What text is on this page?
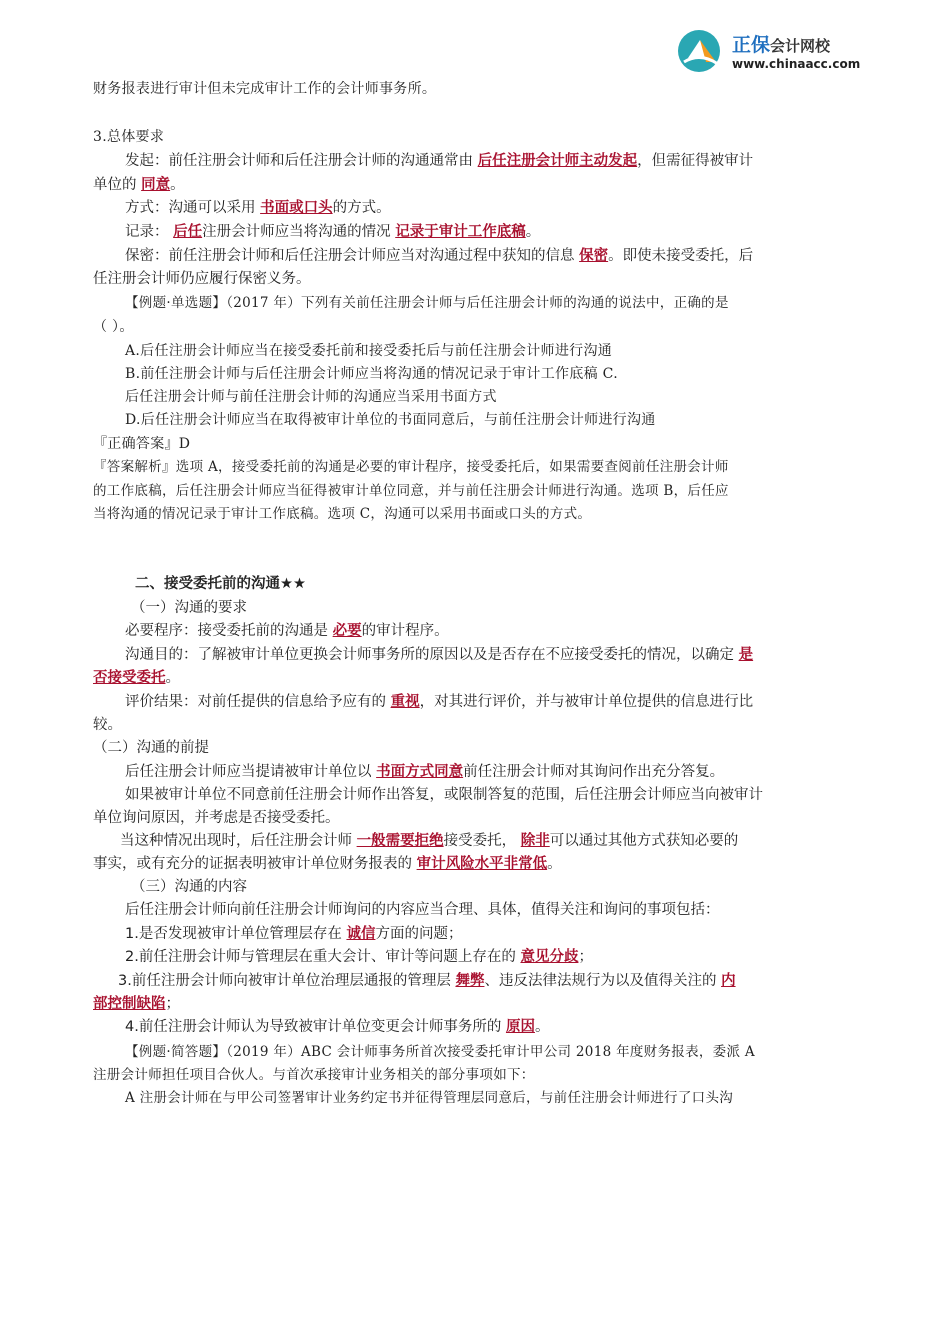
正保会计网校
www.chinaacc.com
财务报表进行审计但未完成审计工作的会计师事务所。
3.总体要求
发起：前任注册会计师和后任注册会计师的沟通通常由 后任注册会计师主动发起，但需征得被审计
单位的 同意。
方式：沟通可以采用 书面或口头的方式。
记录： 后任注册会计师应当将沟通的情况 记录于审计工作底稿。
保密：前任注册会计师和后任注册会计师应当对沟通过程中获知的信息 保密。即使未接受委托，后
任注册会计师仍应履行保密义务。
【例题·单选题】（2017 年）下列有关前任注册会计师与后任注册会计师的沟通的说法中，正确的是
（ ）。
A.后任注册会计师应当在接受委托前和接受委托后与前任注册会计师进行沟通
B.前任注册会计师与后任注册会计师应当将沟通的情况记录于审计工作底稿 C.
后任注册会计师与前任注册会计师的沟通应当采用书面方式
D.后任注册会计师应当在取得被审计单位的书面同意后，与前任注册会计师进行沟通
『正确答案』D
『答案解析』选项 A，接受委托前的沟通是必要的审计程序，接受委托后，如果需要查阅前任注册会计师
的工作底稿，后任注册会计师应当征得被审计单位同意，并与前任注册会计师进行沟通。选项 B，后任应
当将沟通的情况记录于审计工作底稿。选项 C，沟通可以采用书面或口头的方式。
二、接受委托前的沟通★★
（一）沟通的要求
必要程序：接受委托前的沟通是 必要的审计程序。
沟通目的：了解被审计单位更换会计师事务所的原因以及是否存在不应接受委托的情况，以确定 是
否接受委托。
评价结果：对前任提供的信息给予应有的 重视，对其进行评价，并与被审计单位提供的信息进行比
较。
（二）沟通的前提
后任注册会计师应当提请被审计单位以 书面方式同意前任注册会计师对其询问作出充分答复。
如果被审计单位不同意前任注册会计师作出答复，或限制答复的范围，后任注册会计师应当向被审计
单位询问原因，并考虑是否接受委托。
当这种情况出现时，后任注册会计师 一般需要拒绝接受委托， 除非可以通过其他方式获知必要的
事实，或有充分的证据表明被审计单位财务报表的 审计风险水平非常低。
（三）沟通的内容
后任注册会计师向前任注册会计师询问的内容应当合理、具体，值得关注和询问的事项包括：
1.是否发现被审计单位管理层存在 诚信方面的问题；
2.前任注册会计师与管理层在重大会计、审计等问题上存在的 意见分歧；
3.前任注册会计师向被审计单位治理层通报的管理层 舞弊、违反法律法规行为以及值得关注的 内
部控制缺陷；
4.前任注册会计师认为导致被审计单位变更会计师事务所的 原因。
【例题·简答题】（2019 年）ABC 会计师事务所首次接受委托审计甲公司 2018 年度财务报表，委派 A
注册会计师担任项目合伙人。与首次承接审计业务相关的部分事项如下：
A 注册会计师在与甲公司签署审计业务约定书并征得管理层同意后，与前任注册会计师进行了口头沟
